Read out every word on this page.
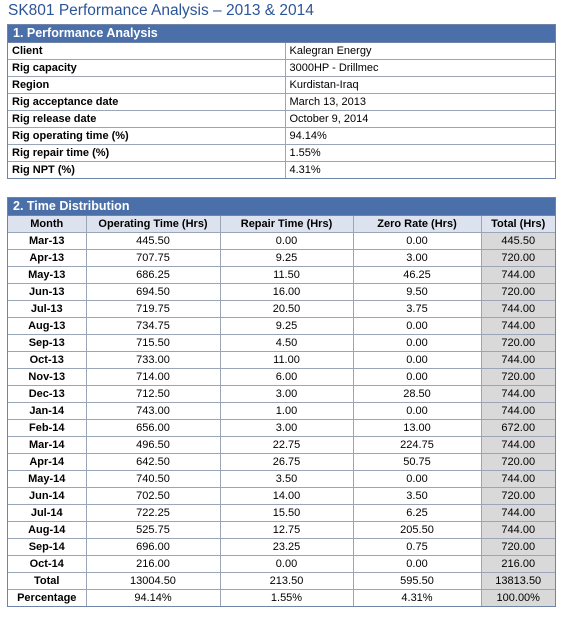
SK801 Performance Analysis – 2013 & 2014
1. Performance Analysis
Client	Kalegran Energy
Rig capacity	3000HP - Drillmec
Region	Kurdistan-Iraq
Rig acceptance date	March 13, 2013
Rig release date	October 9, 2014
Rig operating time (%)	94.14%
Rig repair time (%)	1.55%
Rig NPT (%)	4.31%
2. Time Distribution
Month	Operating Time (Hrs)	Repair Time (Hrs)	Zero Rate (Hrs)	Total (Hrs)
Mar-13	445.50	0.00	0.00	445.50
Apr-13	707.75	9.25	3.00	720.00
May-13	686.25	11.50	46.25	744.00
Jun-13	694.50	16.00	9.50	720.00
Jul-13	719.75	20.50	3.75	744.00
Aug-13	734.75	9.25	0.00	744.00
Sep-13	715.50	4.50	0.00	720.00
Oct-13	733.00	11.00	0.00	744.00
Nov-13	714.00	6.00	0.00	720.00
Dec-13	712.50	3.00	28.50	744.00
Jan-14	743.00	1.00	0.00	744.00
Feb-14	656.00	3.00	13.00	672.00
Mar-14	496.50	22.75	224.75	744.00
Apr-14	642.50	26.75	50.75	720.00
May-14	740.50	3.50	0.00	744.00
Jun-14	702.50	14.00	3.50	720.00
Jul-14	722.25	15.50	6.25	744.00
Aug-14	525.75	12.75	205.50	744.00
Sep-14	696.00	23.25	0.75	720.00
Oct-14	216.00	0.00	0.00	216.00
Total	13004.50	213.50	595.50	13813.50
Percentage	94.14%	1.55%	4.31%	100.00%
